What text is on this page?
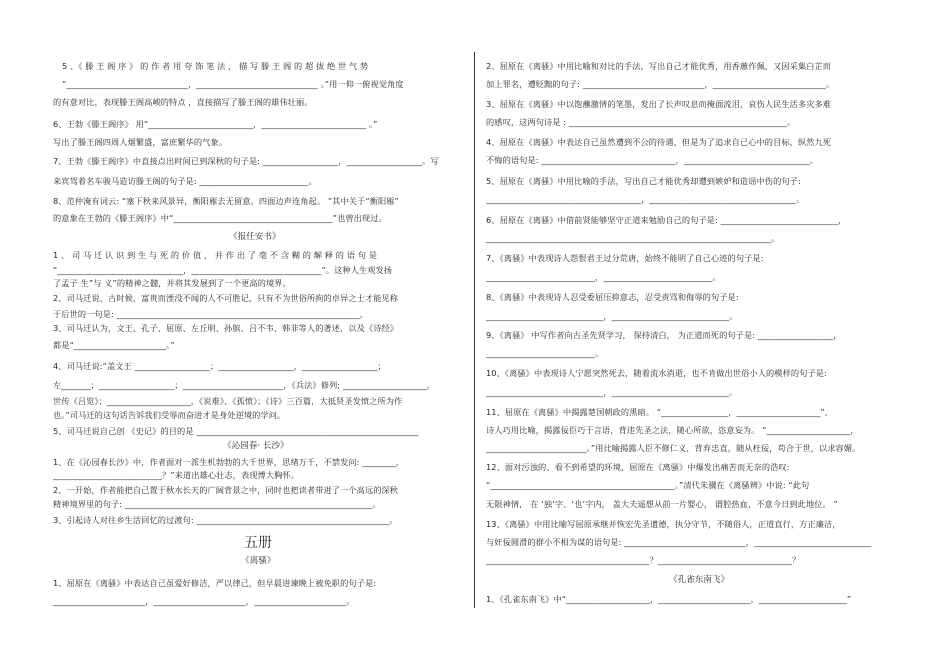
5 、《 滕 王 阁 序 》 的 作 者 用 夸 饰 笔 法 ， 描 写 滕 王 阁 的 超 拔 绝 世 气 势
“_____________________________，_____________________________ 。”用一仰一俯视觉角度
的有意对比，表现滕王阁高峻的特点 ，直接描写了滕王阁的雄伟壮丽。
6、王勃《滕王阁序》 用“_________________________，_________________________ 。”
写出了滕王阁四周人烟繁盛，富庶繁华的气象。
7、王勃《滕王阁序》中直接点出时间已到深秋的句子是: __________________，__________________。写
来宾驾着名车骏马造访滕王阁的句子是: __________________________。
8、范仲淹有词云: “塞下秋来风景异，衡阳雁去无留意。四面边声连角起。 ”其中关于“衡阳雁”
的意象在王勃的《滕王阁序》中“______________________________________”也曾出现过。
《报任安书》
1 、 司 马 迁 认 识 到 生 与 死 的 价 值 ， 并 作 出 了 毫 不 含 糊 的 解 释 的 语 句 是
“______________________________，_______________________________”。这种人生观发扬
了孟子 生”与 义”的精神之髓，并将其发展到了一个更高的境界。
2、司马迁说，古时候，富贵而湮没不闻的人不可胜记，只有不为世俗所拘的卓异之士才能见称
于后世的一句是: __________________________________________________________，
3、司马迁认为，文王、孔子、屈原、左丘明、孙膑、吕不韦、韩非等人的著述，以及《诗经》
都是“______________________。”
4、司马迁说:“盖文王 __________________；__________________，__________________；
左_______；__________________；________________________，《兵法》修列; ____________________，
世传《吕览》；____________________，《说难》、《孤愤》；《诗》三百篇，大抵贤圣发愤之所为作
也。”司马迁的这句话告诉我们受辱而奋进才是身处逆境的学问。
5、司马迁说自己创 《史记》的目的是 _____________________________________________________
《沁园春· 长沙》
1、在《沁园春长沙》中，作者面对一派生机勃勃的大千世界，思绪万千，不禁发问: ________，
__________________________？”来道出雄心壮志，表现博大胸怀。
2、一开始，作者能把自己置于秋水长天的广阔背景之中，同时也把读者带进了一个高远的深秋
精神境界里的句子: ___________________________________________________________。
3、引起诗人对往乡生活回忆的过渡句: ______________________________________________。
五册
《离骚》
1、屈原在《离骚》中表达自己虽爱好修洁，严以律己，但早晨进谏晚上被免职的句子是:
______________________，______________________，______________________。
2、屈原在《离骚》中用比喻和对比的手法，写出自己才能优秀，用香蕙作佩，又因采集白芷而
加上罪名，遭贬黜的句子: _____________________________，___________________________。
3、屈原在《离骚》中以饱蘸激情的笔墨，发出了长声叹息而掩面流泪，哀伤人民生活多灾多难
的感叹，这两句诗是 : ____________________________________________________。
4、屈原在《离骚》中表达自己虽然遭到不公的待遇，但是为了追求自己心中的目标，纵然九死
不悔的语句是: ________________________________，______________________________。
5、屈原在《离骚》中用比喻的手法，写出自己才能优秀却遭到嫉妒和造谣中伤的句子:
_____________________________________，___________________________________。
6、屈原在《离骚》中借前贤能够坚守正道来勉励自己的句子是: ____________________________，
____________________________________________________________________。
7、《离骚》中表现诗人怨恨君王过分荒唐，始终不能明了自己心迹的句子是:
__________________________，__________________________。
8、《离骚》中表现诗人忍受委屈压抑意志，忍受责骂和侮辱的句子是:
____________________________，____________________________。
9、《离骚》 中写作者向古圣先贤学习， 保持清白， 为正道而死的句子是: __________________，
__________________________。
10、《离骚》中表现诗人宁愿突然死去，随着流水消逝，也不肯做出世俗小人的模样的句子是:
____________________________，____________________________。
11、屈原在《离骚》中揭露楚国朝政的黑暗。 “________________，____________________”,
诗人巧用比喻，揭露佞臣巧于言语，背违先圣之法，随心所欲，恣意妄为。 “____________________，
________________________。”用比喻揭露人臣不修仁义，背弃忠直，随从枉佞，苟合于世，以求容媚。
12、面对污浊的、看不到希望的环境，屈原在《离骚》中爆发出痛苦而无奈的浩叹:
“____________________________________________。”清代朱骥在《离骚辨》中说: “此句
无限神情， 在 ‘独’字、‘也’字内， 盖大夫遥想从前一片婴心， 谓腔热血，不意今日到此地位。 ”
13、《离骚》中用比喻写屈原承继并恢宏先圣遗德，执分守节，不随俗人，正道直行，方正廉洁，
与奸佞圆滑的群小不相为谋的语句是: _____________________________，____________________________
_______________________________________？________________________________？
《孔雀东南飞》
1、《孔雀东南飞》中“____________________，______________________，_____________________”
